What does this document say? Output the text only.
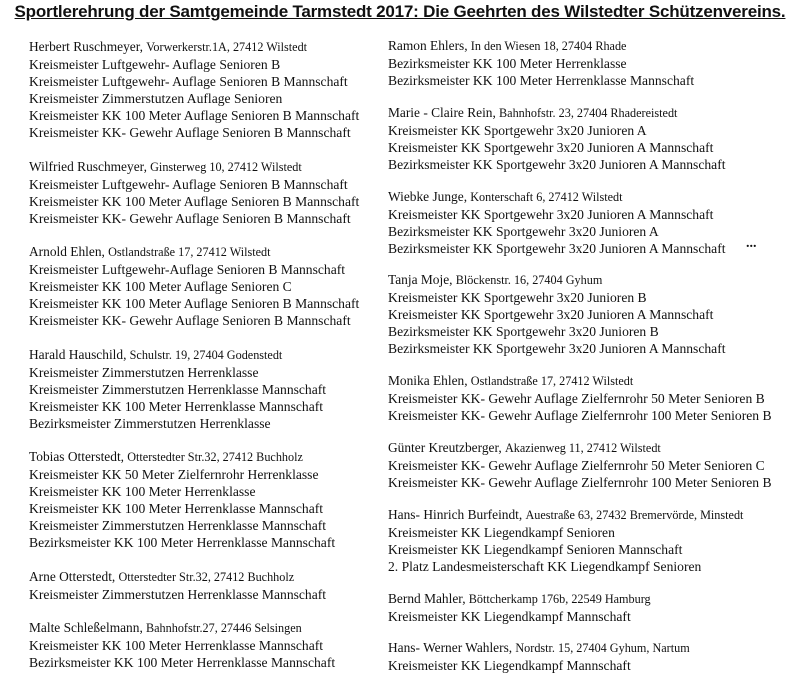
Sportlerehrung der Samtgemeinde Tarmstedt 2017: Die Geehrten des Wilstedter Schützenvereins.
Herbert Ruschmeyer, Vorwerkerstr.1A, 27412 Wilstedt
Kreismeister Luftgewehr- Auflage Senioren B
Kreismeister Luftgewehr- Auflage Senioren B Mannschaft
Kreismeister Zimmerstutzen Auflage Senioren
Kreismeister KK 100 Meter Auflage Senioren B Mannschaft
Kreismeister KK- Gewehr Auflage Senioren B Mannschaft
Wilfried Ruschmeyer, Ginsterweg 10, 27412 Wilstedt
Kreismeister Luftgewehr- Auflage Senioren B Mannschaft
Kreismeister KK 100 Meter Auflage Senioren B Mannschaft
Kreismeister KK- Gewehr Auflage Senioren B Mannschaft
Arnold Ehlen, Ostlandstraße 17, 27412 Wilstedt
Kreismeister Luftgewehr-Auflage Senioren B Mannschaft
Kreismeister KK 100 Meter Auflage Senioren C
Kreismeister KK 100 Meter Auflage Senioren B Mannschaft
Kreismeister KK- Gewehr Auflage Senioren B Mannschaft
Harald Hauschild, Schulstr. 19, 27404 Godenstedt
Kreismeister Zimmerstutzen Herrenklasse
Kreismeister Zimmerstutzen Herrenklasse Mannschaft
Kreismeister KK 100 Meter Herrenklasse Mannschaft
Bezirksmeister Zimmerstutzen Herrenklasse
Tobias Otterstedt, Otterstedter Str.32, 27412 Buchholz
Kreismeister KK 50 Meter Zielfernrohr Herrenklasse
Kreismeister KK 100 Meter Herrenklasse
Kreismeister KK 100 Meter Herrenklasse Mannschaft
Kreismeister Zimmerstutzen Herrenklasse Mannschaft
Bezirksmeister KK 100 Meter Herrenklasse Mannschaft
Arne Otterstedt, Otterstedter Str.32, 27412 Buchholz
Kreismeister Zimmerstutzen Herrenklasse Mannschaft
Malte Schleßelmann, Bahnhofstr.27, 27446 Selsingen
Kreismeister KK 100 Meter Herrenklasse Mannschaft
Bezirksmeister KK 100 Meter Herrenklasse Mannschaft
Ramon Ehlers, In den Wiesen 18, 27404 Rhade
Bezirksmeister KK 100 Meter Herrenklasse
Bezirksmeister KK 100 Meter Herrenklasse Mannschaft
Marie - Claire Rein, Bahnhofstr. 23, 27404 Rhadereistedt
Kreismeister KK Sportgewehr 3x20 Junioren A
Kreismeister KK Sportgewehr 3x20 Junioren A Mannschaft
Bezirksmeister KK Sportgewehr 3x20 Junioren A Mannschaft
Wiebke Junge, Konterschaft 6, 27412 Wilstedt
Kreismeister KK Sportgewehr 3x20 Junioren A Mannschaft
Bezirksmeister KK Sportgewehr 3x20 Junioren A
Bezirksmeister KK Sportgewehr 3x20 Junioren A Mannschaft
Tanja Moje, Blöckenstr. 16, 27404 Gyhum
Kreismeister KK Sportgewehr 3x20 Junioren B
Kreismeister KK Sportgewehr 3x20 Junioren A Mannschaft
Bezirksmeister KK Sportgewehr 3x20 Junioren B
Bezirksmeister KK Sportgewehr 3x20 Junioren A Mannschaft
Monika Ehlen, Ostlandstraße 17, 27412 Wilstedt
Kreismeister KK- Gewehr Auflage Zielfernrohr 50 Meter Senioren B
Kreismeister KK- Gewehr Auflage Zielfernrohr 100 Meter Senioren B
Günter Kreutzberger, Akazienweg 11, 27412 Wilstedt
Kreismeister KK- Gewehr Auflage Zielfernrohr 50 Meter Senioren C
Kreismeister KK- Gewehr Auflage Zielfernrohr 100 Meter Senioren B
Hans- Hinrich Burfeindt, Auestraße 63, 27432 Bremervörde, Minstedt
Kreismeister KK Liegendkampf Senioren
Kreismeister KK Liegendkampf Senioren Mannschaft
2. Platz Landesmeisterschaft KK Liegendkampf Senioren
Bernd Mahler, Böttcherkamp 176b, 22549 Hamburg
Kreismeister KK Liegendkampf Mannschaft
Hans- Werner Wahlers, Nordstr. 15, 27404 Gyhum, Nartum
Kreismeister KK Liegendkampf Mannschaft
...
